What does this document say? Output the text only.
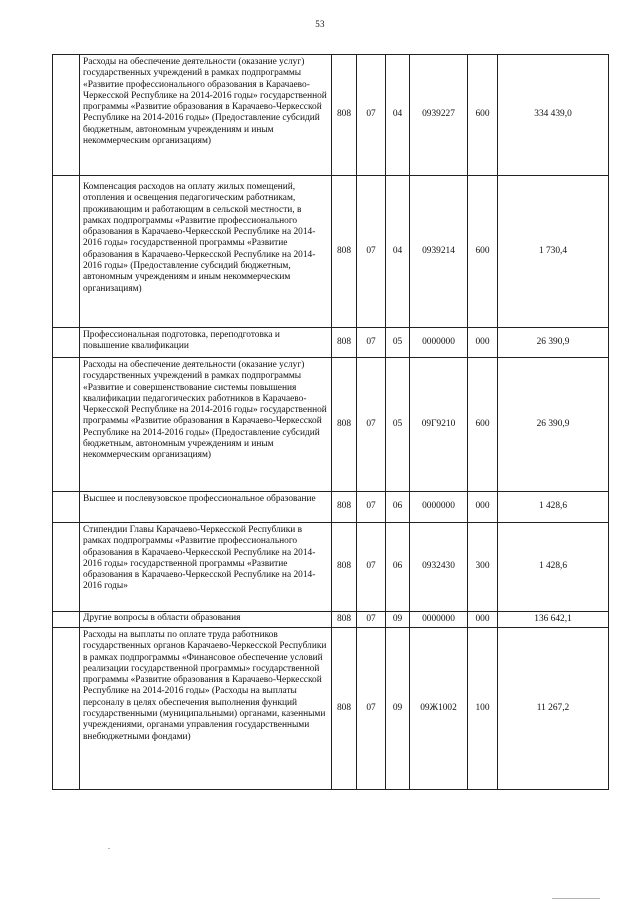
53
	Расходы на обеспечение деятельности (оказание услуг) государственных учреждений в рамках подпрограммы «Развитие профессионального образования в Карачаево-Черкесской Республике на 2014-2016 годы» государственной программы «Развитие образования в Карачаево-Черкесской Республике на 2014-2016 годы» (Предоставление субсидий бюджетным, автономным учреждениям и иным некоммерческим организациям)	808	07	04	0939227	600	334 439,0
	Компенсация расходов на оплату жилых помещений, отопления и освещения педагогическим работникам, проживающим и работающим в сельской местности, в рамках подпрограммы «Развитие профессионального образования в Карачаево-Черкесской Республике на 2014-2016 годы» государственной программы «Развитие образования в Карачаево-Черкесской Республике на 2014-2016 годы» (Предоставление субсидий бюджетным, автономным учреждениям и иным некоммерческим организациям)	808	07	04	0939214	600	1 730,4
	Профессиональная подготовка, переподготовка и повышение квалификации	808	07	05	0000000	000	26 390,9
	Расходы на обеспечение деятельности (оказание услуг) государственных учреждений в рамках подпрограммы «Развитие и совершенствование системы повышения квалификации педагогических работников в Карачаево-Черкесской Республике на 2014-2016 годы» государственной программы «Развитие образования в Карачаево-Черкесской Республике на 2014-2016 годы» (Предоставление субсидий бюджетным, автономным учреждениям и иным некоммерческим организациям)	808	07	05	09Г9210	600	26 390,9
	Высшее и послевузовское профессиональное образование	808	07	06	0000000	000	1 428,6
	Стипендии Главы Карачаево-Черкесской Республики в рамках подпрограммы «Развитие профессионального образования в Карачаево-Черкесской Республике на 2014-2016 годы» государственной программы «Развитие образования в Карачаево-Черкесской Республике на 2014-2016 годы»	808	07	06	0932430	300	1 428,6
	Другие вопросы в области образования	808	07	09	0000000	000	136 642,1
	Расходы на выплаты по оплате труда работников государственных органов Карачаево-Черкесской Республики в рамках подпрограммы «Финансовое обеспечение условий реализации государственной программы» государственной программы «Развитие образования в Карачаево-Черкесской Республике на 2014-2016 годы» (Расходы на выплаты персоналу в целях обеспечения выполнения функций государственными (муниципальными) органами, казенными учреждениями, органами управления государственными внебюджетными фондами)	808	07	09	09Ж1002	100	11 267,2
